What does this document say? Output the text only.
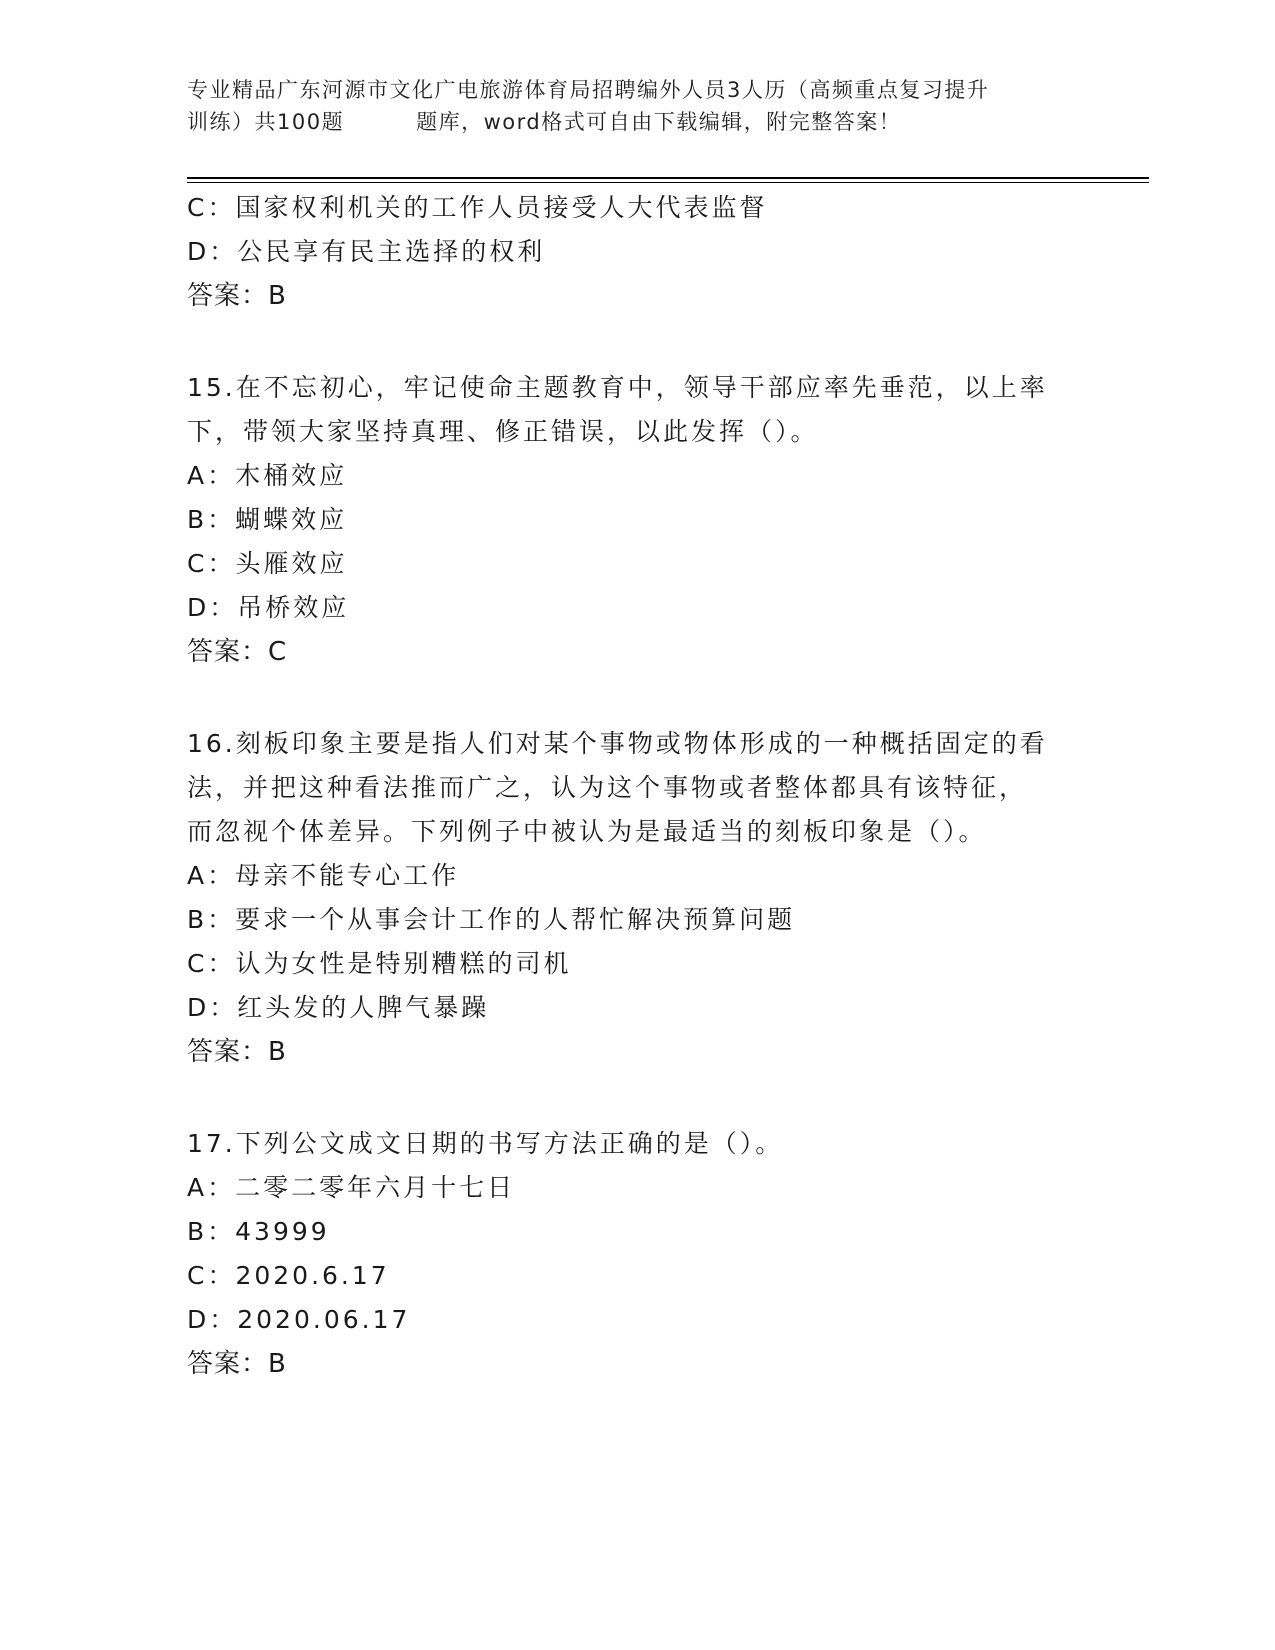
专业精品广东河源市文化广电旅游体育局招聘编外人员3人历（高频重点复习提升
训练）共100题	题库，word格式可自由下载编辑，附完整答案！
C：国家权利机关的工作人员接受人大代表监督
D：公民享有民主选择的权利
答案：B
15.在不忘初心，牢记使命主题教育中，领导干部应率先垂范，以上率
下，带领大家坚持真理、修正错误，以此发挥（）。
A：木桶效应
B：蝴蝶效应
C：头雁效应
D：吊桥效应
答案：C
16.刻板印象主要是指人们对某个事物或物体形成的一种概括固定的看
法，并把这种看法推而广之，认为这个事物或者整体都具有该特征，
而忽视个体差异。下列例子中被认为是最适当的刻板印象是（）。
A：母亲不能专心工作
B：要求一个从事会计工作的人帮忙解决预算问题
C：认为女性是特别糟糕的司机
D：红头发的人脾气暴躁
答案：B
17.下列公文成文日期的书写方法正确的是（）。
A：二零二零年六月十七日
B：43999
C：2020.6.17
D：2020.06.17
答案：B
